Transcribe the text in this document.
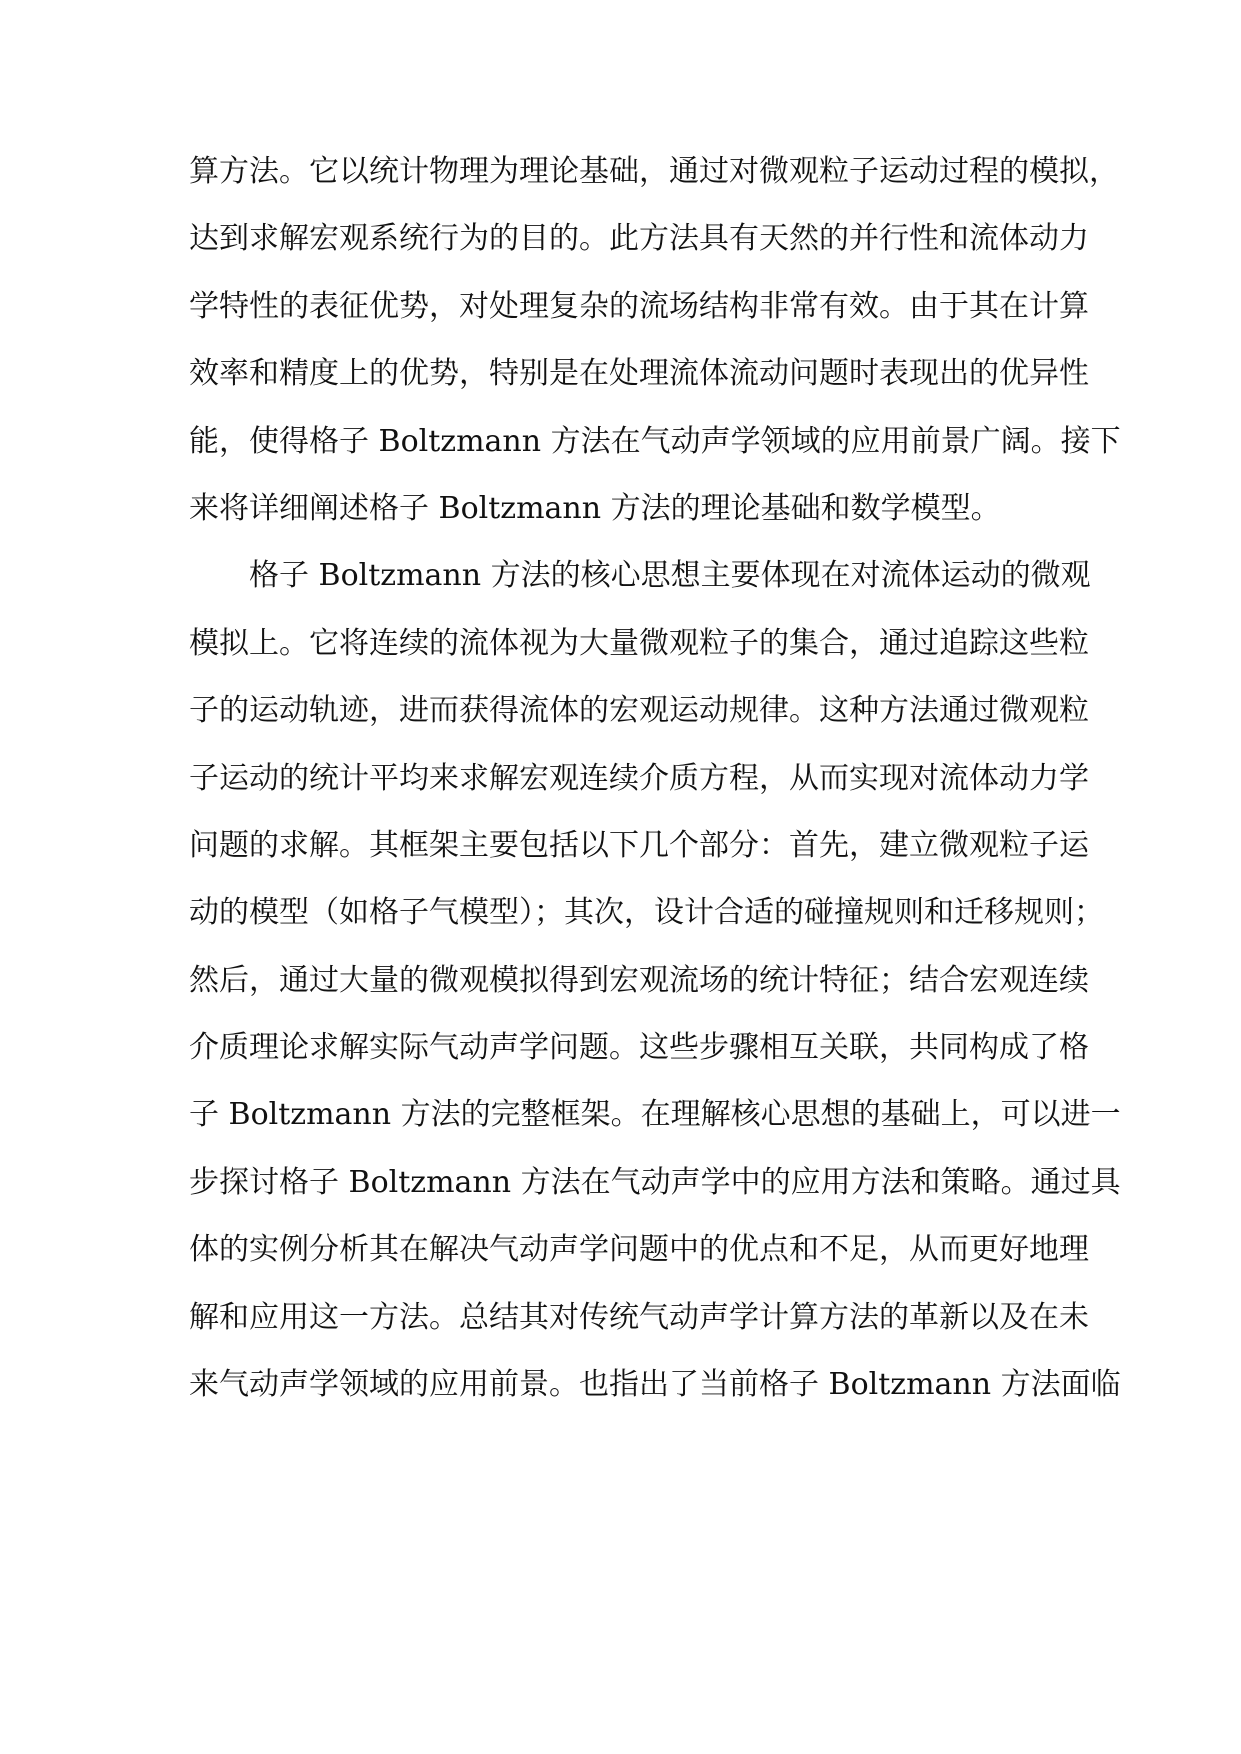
算方法。它以统计物理为理论基础，通过对微观粒子运动过程的模拟，
达到求解宏观系统行为的目的。此方法具有天然的并行性和流体动力
学特性的表征优势，对处理复杂的流场结构非常有效。由于其在计算
效率和精度上的优势，特别是在处理流体流动问题时表现出的优异性
能，使得格子 Boltzmann 方法在气动声学领域的应用前景广阔。接下
来将详细阐述格子 Boltzmann 方法的理论基础和数学模型。
格子 Boltzmann 方法的核心思想主要体现在对流体运动的微观
模拟上。它将连续的流体视为大量微观粒子的集合，通过追踪这些粒
子的运动轨迹，进而获得流体的宏观运动规律。这种方法通过微观粒
子运动的统计平均来求解宏观连续介质方程，从而实现对流体动力学
问题的求解。其框架主要包括以下几个部分：首先，建立微观粒子运
动的模型（如格子气模型）；其次，设计合适的碰撞规则和迁移规则；
然后，通过大量的微观模拟得到宏观流场的统计特征；结合宏观连续
介质理论求解实际气动声学问题。这些步骤相互关联，共同构成了格
子 Boltzmann 方法的完整框架。在理解核心思想的基础上，可以进一
步探讨格子 Boltzmann 方法在气动声学中的应用方法和策略。通过具
体的实例分析其在解决气动声学问题中的优点和不足，从而更好地理
解和应用这一方法。总结其对传统气动声学计算方法的革新以及在未
来气动声学领域的应用前景。也指出了当前格子 Boltzmann 方法面临
